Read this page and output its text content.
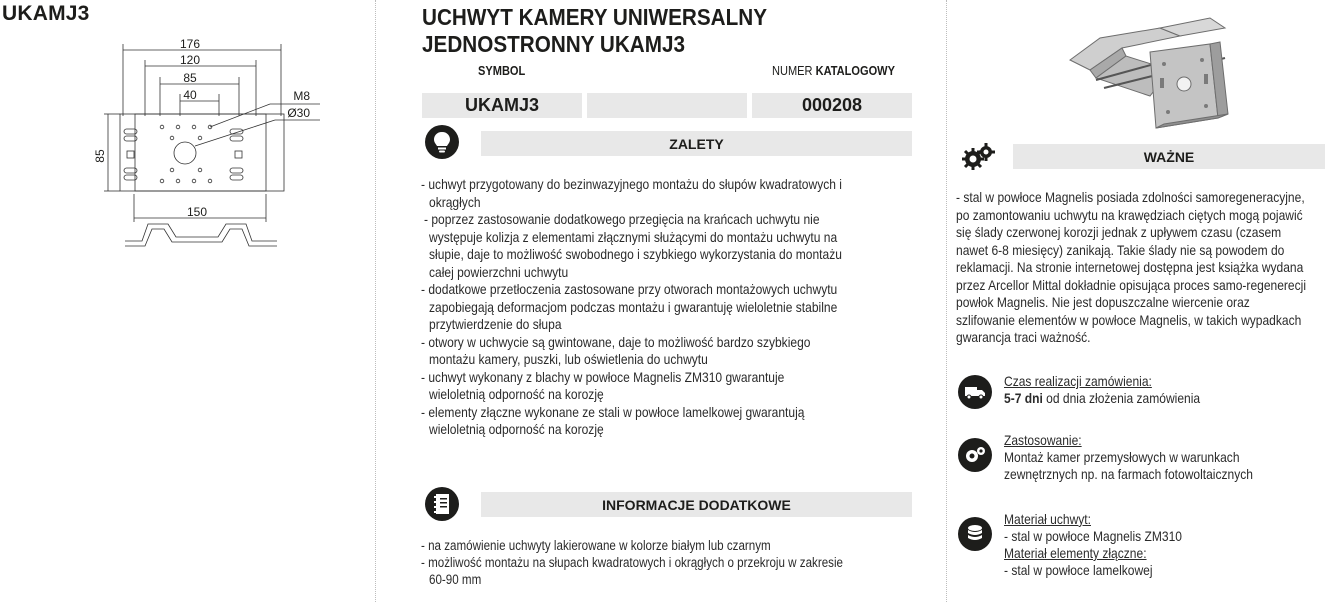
UKAMJ3
176
120
85
40
85
150
M8
Ø30
UCHWYT KAMERY UNIWERSALNY
JEDNOSTRONNY UKAMJ3
SYMBOL	NUMER KATALOGOWY
UKAMJ3	000208
ZALETY

- uchwyt przygotowany do bezinwazyjnego montażu do słupów kwadratowych i

okrągłych

- poprzez zastosowanie dodatkowego przegięcia na krańcach uchwytu nie

występuje kolizja z elementami złącznymi służącymi do montażu uchwytu na

słupie, daje to możliwość swobodnego i szybkiego wykorzystania do montażu

całej powierzchni uchwytu

- dodatkowe przetłoczenia zastosowane przy otworach montażowych uchwytu

zapobiegają deformacjom podczas montażu i gwarantuję wieloletnie stabilne

przytwierdzenie do słupa

- otwory w uchwycie są gwintowane, daje to możliwość bardzo szybkiego

montażu kamery, puszki, lub oświetlenia do uchwytu

- uchwyt wykonany z blachy w powłoce Magnelis ZM310 gwarantuje

wieloletnią odporność na korozję

- elementy złączne wykonane ze stali w powłoce lamelkowej gwarantują

wieloletnią odporność na korozję

INFORMACJE DODATKOWE

- na zamówienie uchwyty lakierowane w kolorze białym lub czarnym

- możliwość montażu na słupach kwadratowych i okrągłych o przekroju w zakresie

60-90 mm

WAŻNE

- stal w powłoce Magnelis posiada zdolności samoregeneracyjne,

po zamontowaniu uchwytu na krawędziach ciętych mogą pojawić

się ślady czerwonej korozji jednak z upływem czasu (czasem

nawet 6-8 miesięcy) zanikają. Takie ślady nie są powodem do

reklamacji. Na stronie internetowej dostępna jest książka wydana

przez Arcellor Mittal dokładnie opisująca proces samo-regenerecji

powłok Magnelis. Nie jest dopuszczalne wiercenie oraz

szlifowanie elementów w powłoce Magnelis, w takich wypadkach

gwarancja traci ważność.

Czas realizacji zamówienia:
5-7 dni od dnia złożenia zamówienia
Zastosowanie:
Montaż kamer przemysłowych w warunkach
zewnętrznych np. na farmach fotowoltaicznych
Materiał uchwyt:
- stal w powłoce Magnelis ZM310
Materiał elementy złączne:
- stal w powłoce lamelkowej
